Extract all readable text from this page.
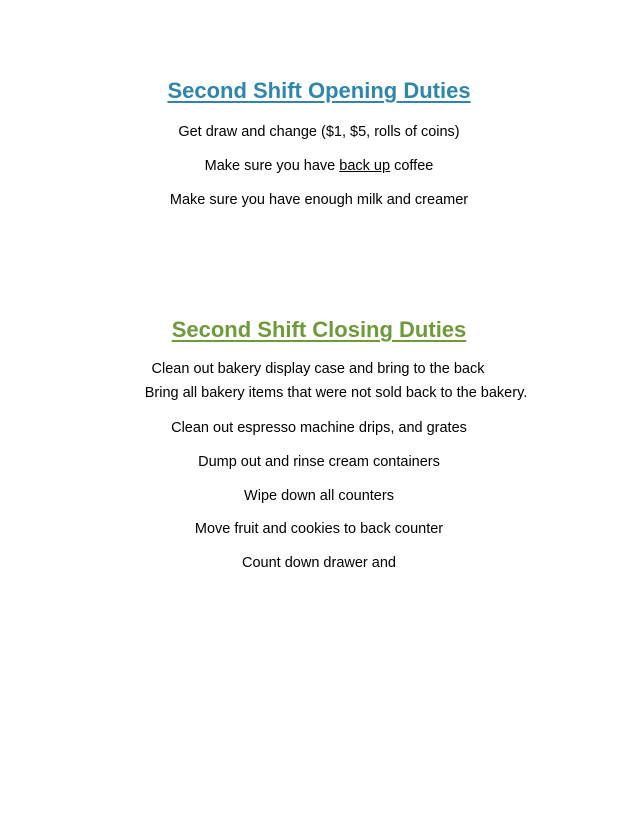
Second Shift Opening Duties
Get draw and change ($1, $5, rolls of coins)
Make sure you have back up coffee
Make sure you have enough milk and creamer
Second Shift Closing Duties
Clean out bakery display case and bring to the back
Bring all bakery items that were not sold back to the bakery.
Clean out espresso machine drips, and grates
Dump out and rinse cream containers
Wipe down all counters
Move fruit and cookies to back counter
Count down drawer and
